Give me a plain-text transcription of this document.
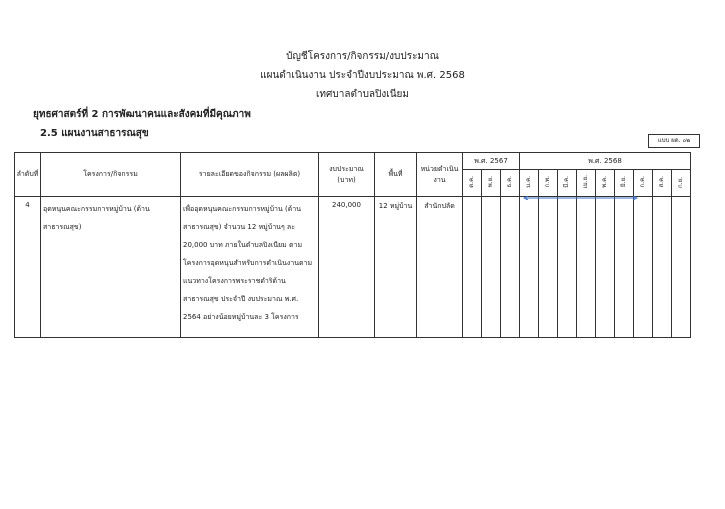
บัญชีโครงการ/กิจกรรม/งบประมาณ
แผนดำเนินงาน ประจำปีงบประมาณ พ.ศ. 2568
เทศบาลตำบลปิงเนียม
ยุทธศาสตร์ที่ 2 การพัฒนาคนและสังคมที่มีคุณภาพ
2.5 แผนงานสาธารณสุข
แบบ ผด. ๐๒
ลำดับที่	โครงการ/กิจกรรม	รายละเอียดของกิจกรรม (ผลผลิต)	งบประมาณ (บาท)	พื้นที่	หน่วยดำเนินงาน	พ.ศ. 2567			พ.ศ. 2568								
						ต.ค.	พ.ย.	ธ.ค.	ม.ค.	ก.พ.	มี.ค.	เม.ย.	พ.ค.	มิ.ย.	ก.ค.	ส.ค.	ก.ย.
4	อุดหนุนคณะกรรมการหมู่บ้าน (ด้านสาธารณสุข)	เพื่ออุดหนุนคณะกรรมการหมู่บ้าน (ด้านสาธารณสุข) จำนวน 12 หมู่บ้านๆ ละ 20,000 บาท ภายในตำบลปิงเนียม ตามโครงการอุดหนุนสำหรับการดำเนินงานตามแนวทางโครงการพระราชดำริด้านสาธารณสุข ประจำปี งบประมาณ พ.ศ. 2564 อย่างน้อยหมู่บ้านละ 3 โครงการ	240,000	12 หมู่บ้าน	สำนักปลัด												
